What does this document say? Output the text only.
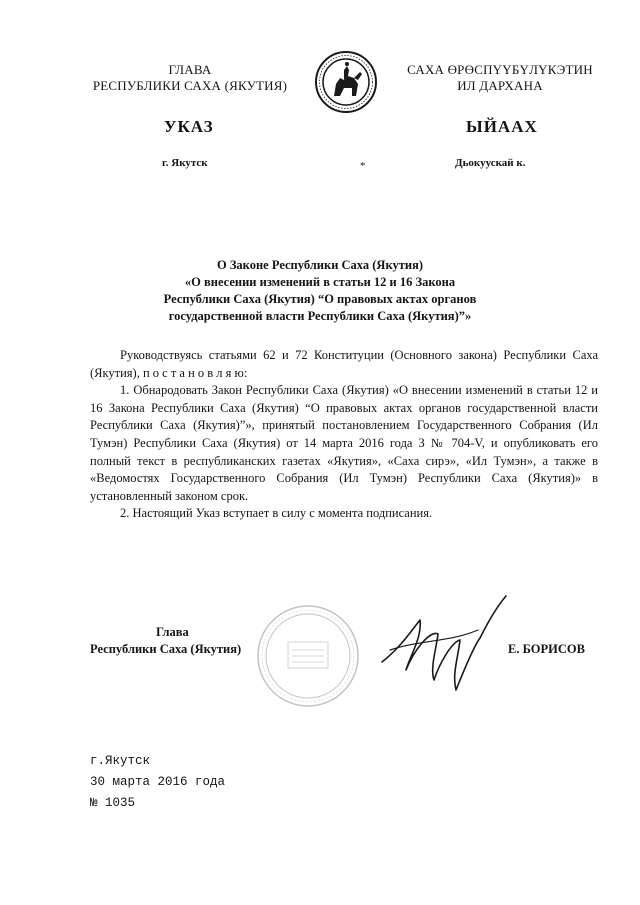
ГЛАВА
РЕСПУБЛИКИ САХА (ЯКУТИЯ)
САХА ӨРӨСПҮҮБҮЛҮКЭТИН
ИЛ ДАРХАНА
УКАЗ	ЫЙААХ
г. Якутск	*	Дьокуускай к.
О Законе Республики Саха (Якутия)
«О внесении изменений в статьи 12 и 16 Закона
Республики Саха (Якутия) “О правовых актах органов
государственной власти Республики Саха (Якутия)”»

Руководствуясь статьями 62 и 72 Конституции (Основного закона) Республики Саха (Якутия), п о с т а н о в л я ю:

1. Обнародовать Закон Республики Саха (Якутия) «О внесении изменений в статьи 12 и 16 Закона Республики Саха (Якутия) “О правовых актах органов государственной власти Республики Саха (Якутия)”», принятый постановлением Государственного Собрания (Ил Тумэн) Республики Саха (Якутия) от 14 марта 2016 года З № 704-V, и опубликовать его полный текст в республиканских газетах «Якутия», «Саха сирэ», «Ил Тумэн», а также в «Ведомостях Государственного Собрания (Ил Тумэн) Республики Саха (Якутия)» в установленный законом срок.

2. Настоящий Указ вступает в силу с момента подписания.

Глава
Республики Саха (Якутия)	Е. БОРИСОВ
г.Якутск
30 марта 2016 года
№ 1035
